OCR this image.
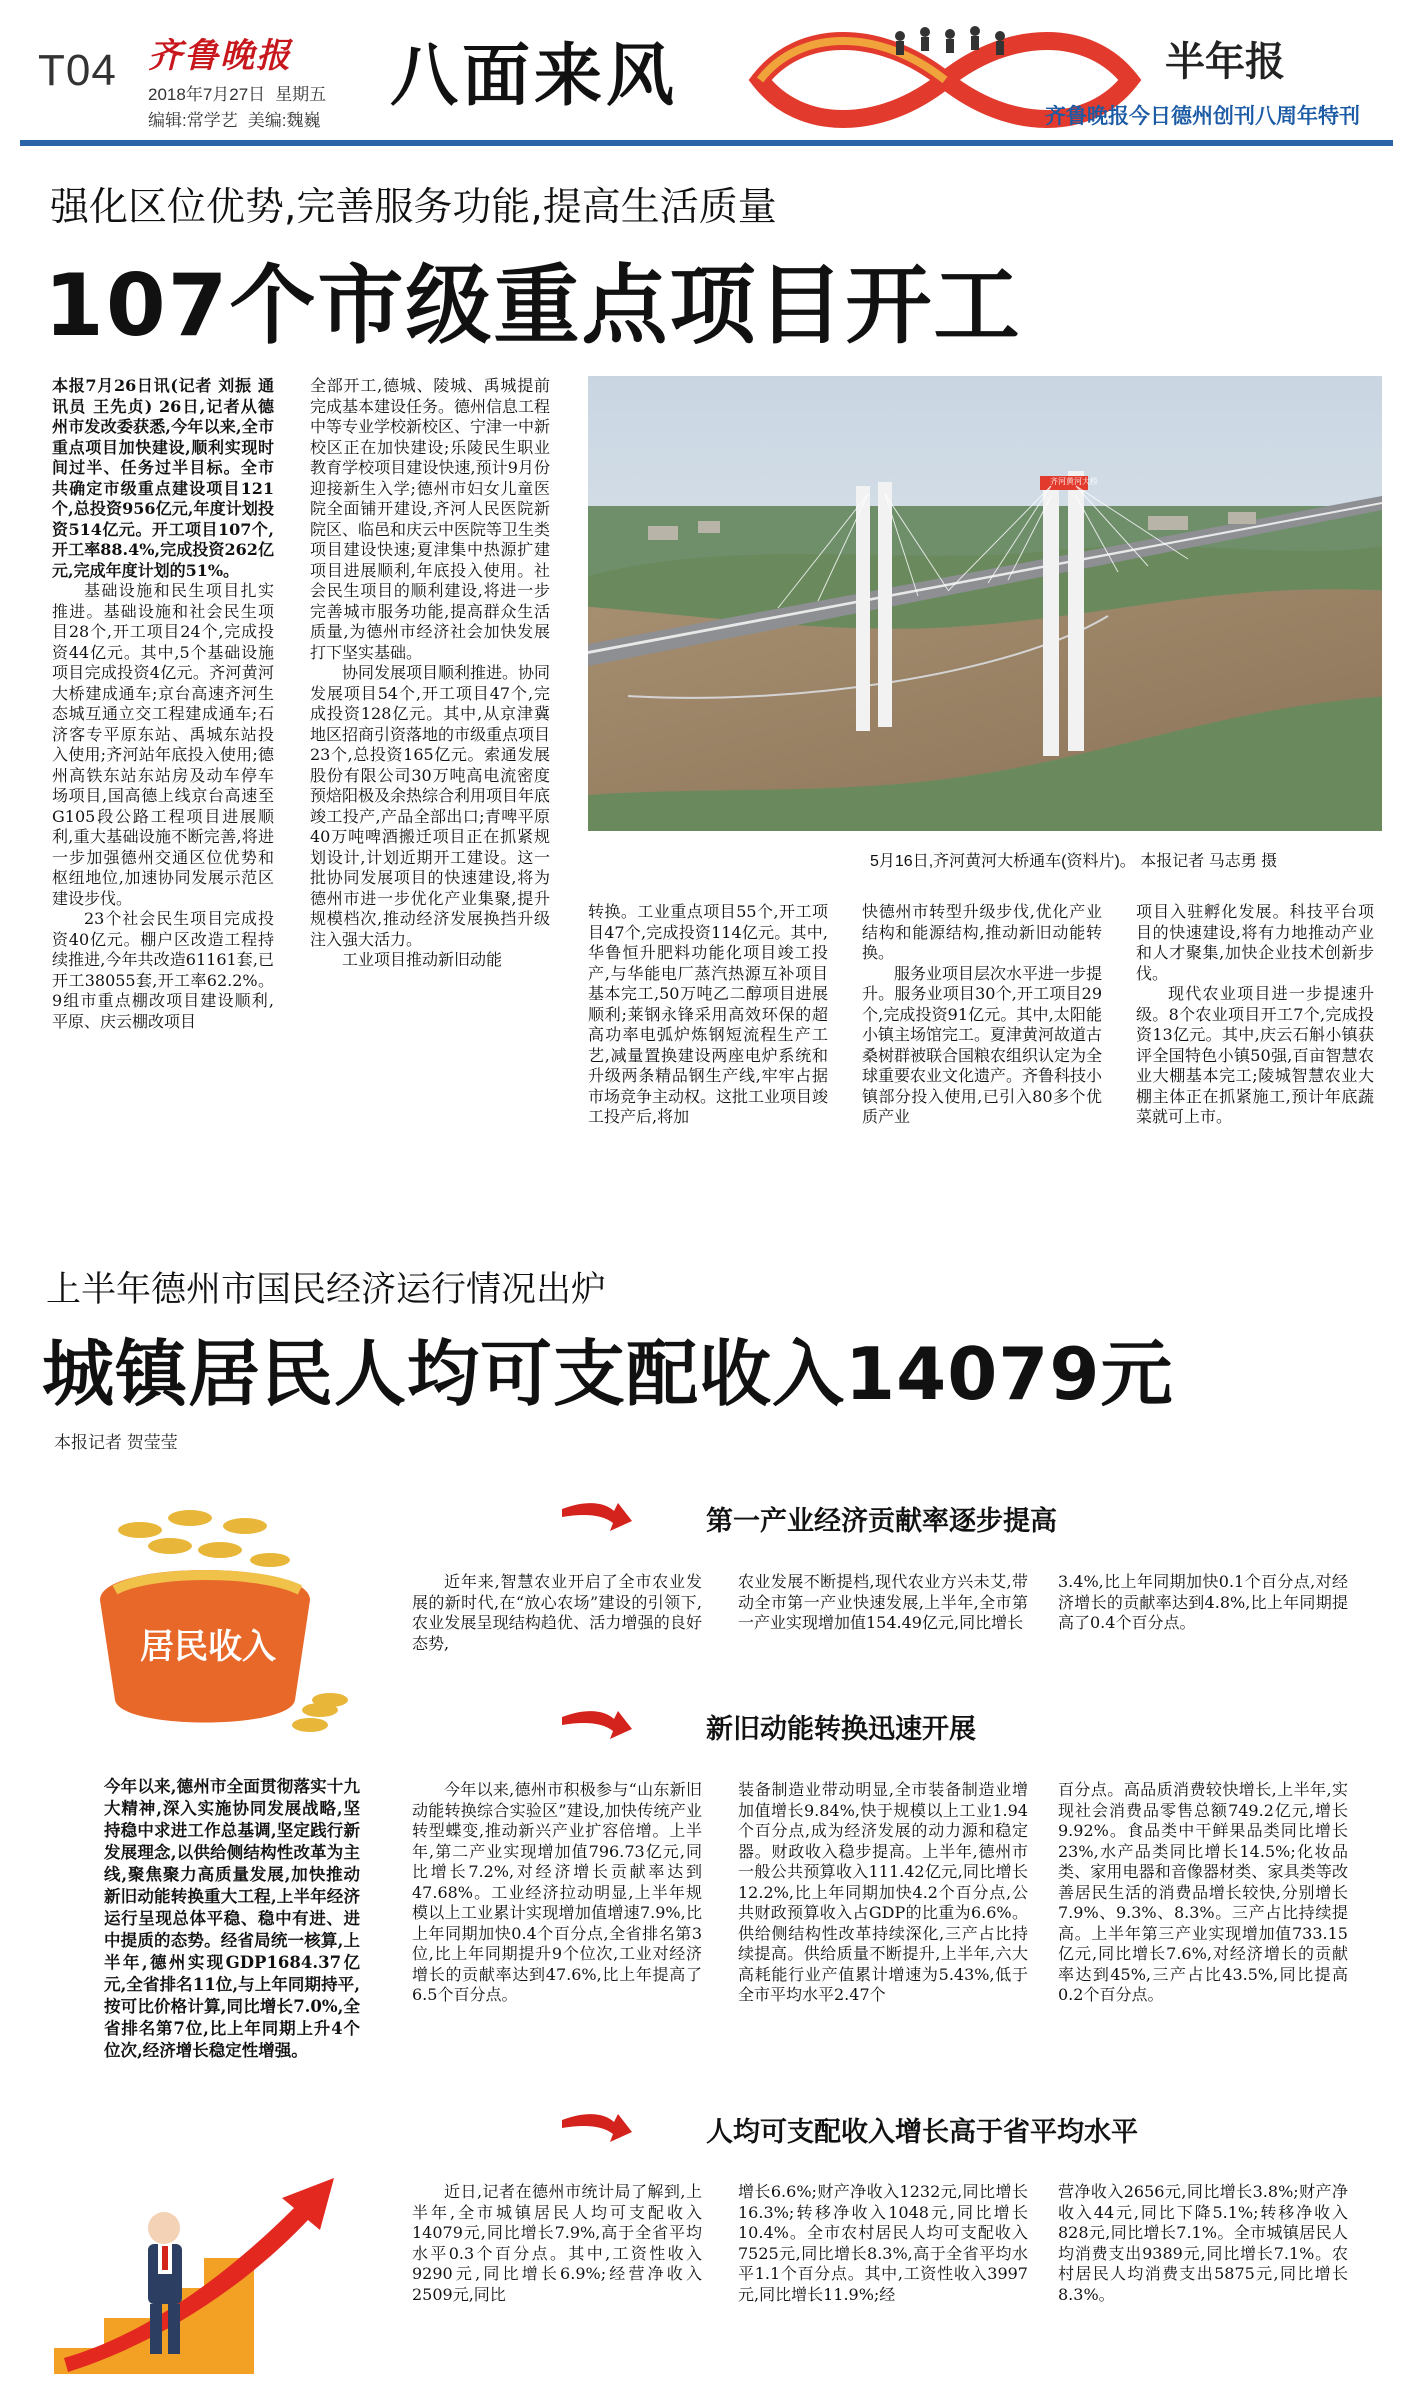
T04 齐鲁晚报
2018年7月27日 星期五
编辑:常学艺 美编:魏巍
八面来风	半年报
齐鲁晚报今日德州创刊八周年特刊
强化区位优势,完善服务功能,提高生活质量
107个市级重点项目开工

本报7月26日讯(记者 刘振 通讯员 王先贞) 26日,记者从德州市发改委获悉,今年以来,全市重点项目加快建设,顺利实现时间过半、任务过半目标。全市共确定市级重点建设项目121个,总投资956亿元,年度计划投资514亿元。开工项目107个,开工率88.4%,完成投资262亿元,完成年度计划的51%。

基础设施和民生项目扎实推进。基础设施和社会民生项目28个,开工项目24个,完成投资44亿元。其中,5个基础设施项目完成投资4亿元。齐河黄河大桥建成通车;京台高速齐河生态城互通立交工程建成通车;石济客专平原东站、禹城东站投入使用;齐河站年底投入使用;德州高铁东站东站房及动车停车场项目,国高德上线京台高速至G105段公路工程项目进展顺利,重大基础设施不断完善,将进一步加强德州交通区位优势和枢纽地位,加速协同发展示范区建设步伐。

23个社会民生项目完成投资40亿元。棚户区改造工程持续推进,今年共改造61161套,已开工38055套,开工率62.2%。9组市重点棚改项目建设顺利,平原、庆云棚改项目

全部开工,德城、陵城、禹城提前完成基本建设任务。德州信息工程中等专业学校新校区、宁津一中新校区正在加快建设;乐陵民生职业教育学校项目建设快速,预计9月份迎接新生入学;德州市妇女儿童医院全面铺开建设,齐河人民医院新院区、临邑和庆云中医院等卫生类项目建设快速;夏津集中热源扩建项目进展顺利,年底投入使用。社会民生项目的顺利建设,将进一步完善城市服务功能,提高群众生活质量,为德州市经济社会加快发展打下坚实基础。

协同发展项目顺利推进。协同发展项目54个,开工项目47个,完成投资128亿元。其中,从京津冀地区招商引资落地的市级重点项目23个,总投资165亿元。索通发展股份有限公司30万吨高电流密度预焙阳极及余热综合利用项目年底竣工投产,产品全部出口;青啤平原40万吨啤酒搬迁项目正在抓紧规划设计,计划近期开工建设。这一批协同发展项目的快速建设,将为德州市进一步优化产业集聚,提升规模档次,推动经济发展换挡升级注入强大活力。

工业项目推动新旧动能

齐河黄河大桥
5月16日,齐河黄河大桥通车(资料片)。 本报记者 马志勇 摄

转换。工业重点项目55个,开工项目47个,完成投资114亿元。其中,华鲁恒升肥料功能化项目竣工投产,与华能电厂蒸汽热源互补项目基本完工,50万吨乙二醇项目进展顺利;莱钢永锋采用高效环保的超高功率电弧炉炼钢短流程生产工艺,减量置换建设两座电炉系统和升级两条精品钢生产线,牢牢占据市场竞争主动权。这批工业项目竣工投产后,将加

快德州市转型升级步伐,优化产业结构和能源结构,推动新旧动能转换。

服务业项目层次水平进一步提升。服务业项目30个,开工项目29个,完成投资91亿元。其中,太阳能小镇主场馆完工。夏津黄河故道古桑树群被联合国粮农组织认定为全球重要农业文化遗产。齐鲁科技小镇部分投入使用,已引入80多个优质产业

项目入驻孵化发展。科技平台项目的快速建设,将有力地推动产业和人才聚集,加快企业技术创新步伐。

现代农业项目进一步提速升级。8个农业项目开工7个,完成投资13亿元。其中,庆云石斛小镇获评全国特色小镇50强,百亩智慧农业大棚基本完工;陵城智慧农业大棚主体正在抓紧施工,预计年底蔬菜就可上市。

上半年德州市国民经济运行情况出炉
城镇居民人均可支配收入14079元
本报记者 贺莹莹
居民收入
今年以来,德州市全面贯彻落实十九大精神,深入实施协同发展战略,坚持稳中求进工作总基调,坚定践行新发展理念,以供给侧结构性改革为主线,聚焦聚力高质量发展,加快推动新旧动能转换重大工程,上半年经济运行呈现总体平稳、稳中有进、进中提质的态势。经省局统一核算,上半年,德州实现GDP1684.37亿元,全省排名11位,与上年同期持平,按可比价格计算,同比增长7.0%,全省排名第7位,比上年同期上升4个位次,经济增长稳定性增强。
第一产业经济贡献率逐步提高

近年来,智慧农业开启了全市农业发展的新时代,在“放心农场”建设的引领下,农业发展呈现结构趋优、活力增强的良好态势,

农业发展不断提档,现代农业方兴未艾,带动全市第一产业快速发展,上半年,全市第一产业实现增加值154.49亿元,同比增长

3.4%,比上年同期加快0.1个百分点,对经济增长的贡献率达到4.8%,比上年同期提高了0.4个百分点。

新旧动能转换迅速开展

今年以来,德州市积极参与“山东新旧动能转换综合实验区”建设,加快传统产业转型蝶变,推动新兴产业扩容倍增。上半年,第二产业实现增加值796.73亿元,同比增长7.2%,对经济增长贡献率达到47.68%。工业经济拉动明显,上半年规模以上工业累计实现增加值增速7.9%,比上年同期加快0.4个百分点,全省排名第3位,比上年同期提升9个位次,工业对经济增长的贡献率达到47.6%,比上年提高了6.5个百分点。

装备制造业带动明显,全市装备制造业增加值增长9.84%,快于规模以上工业1.94个百分点,成为经济发展的动力源和稳定器。财政收入稳步提高。上半年,德州市一般公共预算收入111.42亿元,同比增长12.2%,比上年同期加快4.2个百分点,公共财政预算收入占GDP的比重为6.6%。供给侧结构性改革持续深化,三产占比持续提高。供给质量不断提升,上半年,六大高耗能行业产值累计增速为5.43%,低于全市平均水平2.47个

百分点。高品质消费较快增长,上半年,实现社会消费品零售总额749.2亿元,增长9.92%。食品类中干鲜果品类同比增长23%,水产品类同比增长14.5%;化妆品类、家用电器和音像器材类、家具类等改善居民生活的消费品增长较快,分别增长7.9%、9.3%、8.3%。三产占比持续提高。上半年第三产业实现增加值733.15亿元,同比增长7.6%,对经济增长的贡献率达到45%,三产占比43.5%,同比提高0.2个百分点。

人均可支配收入增长高于省平均水平

近日,记者在德州市统计局了解到,上半年,全市城镇居民人均可支配收入14079元,同比增长7.9%,高于全省平均水平0.3个百分点。其中,工资性收入9290元,同比增长6.9%;经营净收入2509元,同比

增长6.6%;财产净收入1232元,同比增长16.3%;转移净收入1048元,同比增长10.4%。全市农村居民人均可支配收入7525元,同比增长8.3%,高于全省平均水平1.1个百分点。其中,工资性收入3997元,同比增长11.9%;经

营净收入2656元,同比增长3.8%;财产净收入44元,同比下降5.1%;转移净收入828元,同比增长7.1%。全市城镇居民人均消费支出9389元,同比增长7.1%。农村居民人均消费支出5875元,同比增长8.3%。
